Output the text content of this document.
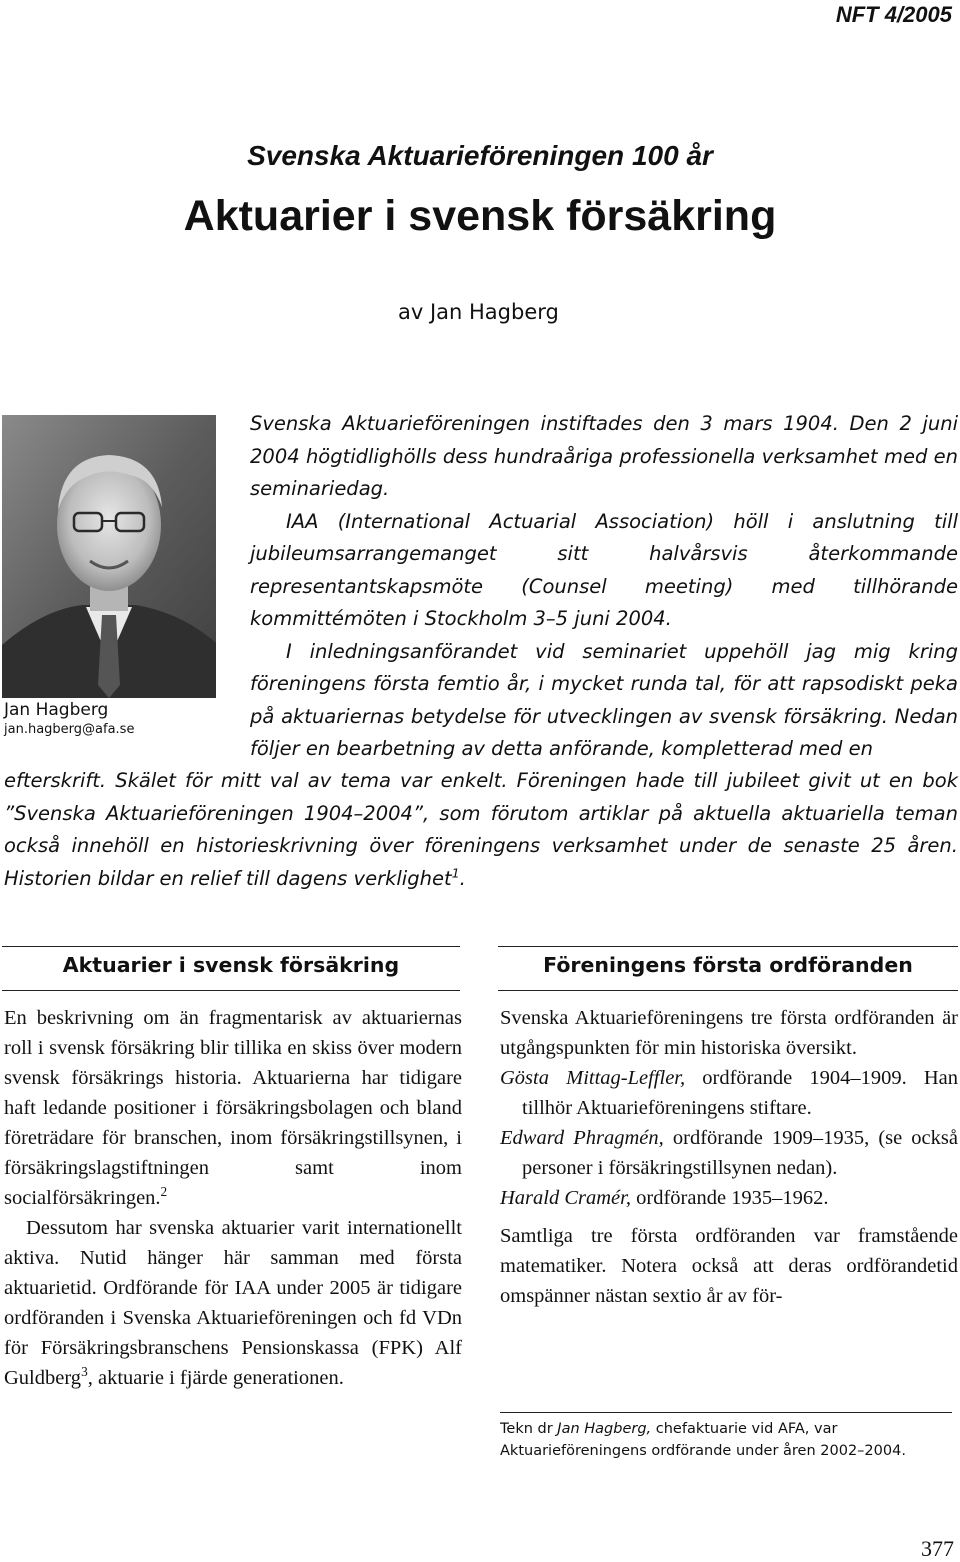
NFT 4/2005
Svenska Aktuarieföreningen 100 år
Aktuarier i svensk försäkring
av Jan Hagberg
Jan Hagberg
jan.hagberg@afa.se

Svenska Aktuarieföreningen instiftades den 3 mars 1904. Den 2 juni 2004 högtidlighölls dess hundraåriga professionella verksamhet med en seminariedag.

IAA (International Actuarial Association) höll i anslutning till jubileumsarrangemanget sitt halvårsvis återkommande representantskapsmöte (Counsel meeting) med tillhörande kommittémöten i Stockholm 3–5 juni 2004.

I inledningsanförandet vid seminariet uppehöll jag mig kring föreningens första femtio år, i mycket runda tal, för att rapsodiskt peka på aktuariernas betydelse för utvecklingen av svensk försäkring. Nedan följer en bearbetning av detta anförande, kompletterad med en

efterskrift. Skälet för mitt val av tema var enkelt. Föreningen hade till jubileet givit ut en bok ”Svenska Aktuarieföreningen 1904–2004”, som förutom artiklar på aktuella aktuariella teman också innehöll en historieskrivning över föreningens verksamhet under de senaste 25 åren. Historien bildar en relief till dagens verklighet$^1$.

Aktuarier i svensk försäkring

En beskrivning om än fragmentarisk av aktuariernas roll i svensk försäkring blir tillika en skiss över modern svensk försäkrings historia. Aktuarierna har tidigare haft ledande positioner i försäkringsbolagen och bland företrädare för branschen, inom försäkringstillsynen, i försäkringslagstiftningen samt inom socialförsäkringen.$^2$

Dessutom har svenska aktuarier varit internationellt aktiva. Nutid hänger här samman med första aktuarietid. Ordförande för IAA under 2005 är tidigare ordföranden i Svenska Aktuarieföreningen och fd VDn för Försäkringsbranschens Pensionskassa (FPK) Alf Guldberg$^3$, aktuarie i fjärde generationen.

Föreningens första ordföranden

Svenska Aktuarieföreningens tre första ordföranden är utgångspunkten för min historiska översikt.

Gösta Mittag-Leffler, ordförande 1904–1909. Han tillhör Aktuarieföreningens stiftare.

Edward Phragmén, ordförande 1909–1935, (se också personer i försäkringstillsynen nedan).

Harald Cramér, ordförande 1935–1962.

Samtliga tre första ordföranden var framstående matematiker. Notera också att deras ordförandetid omspänner nästan sextio år av för-

Tekn dr Jan Hagberg, chefaktuarie vid AFA, var Aktuarieföreningens ordförande under åren 2002–2004.
377
